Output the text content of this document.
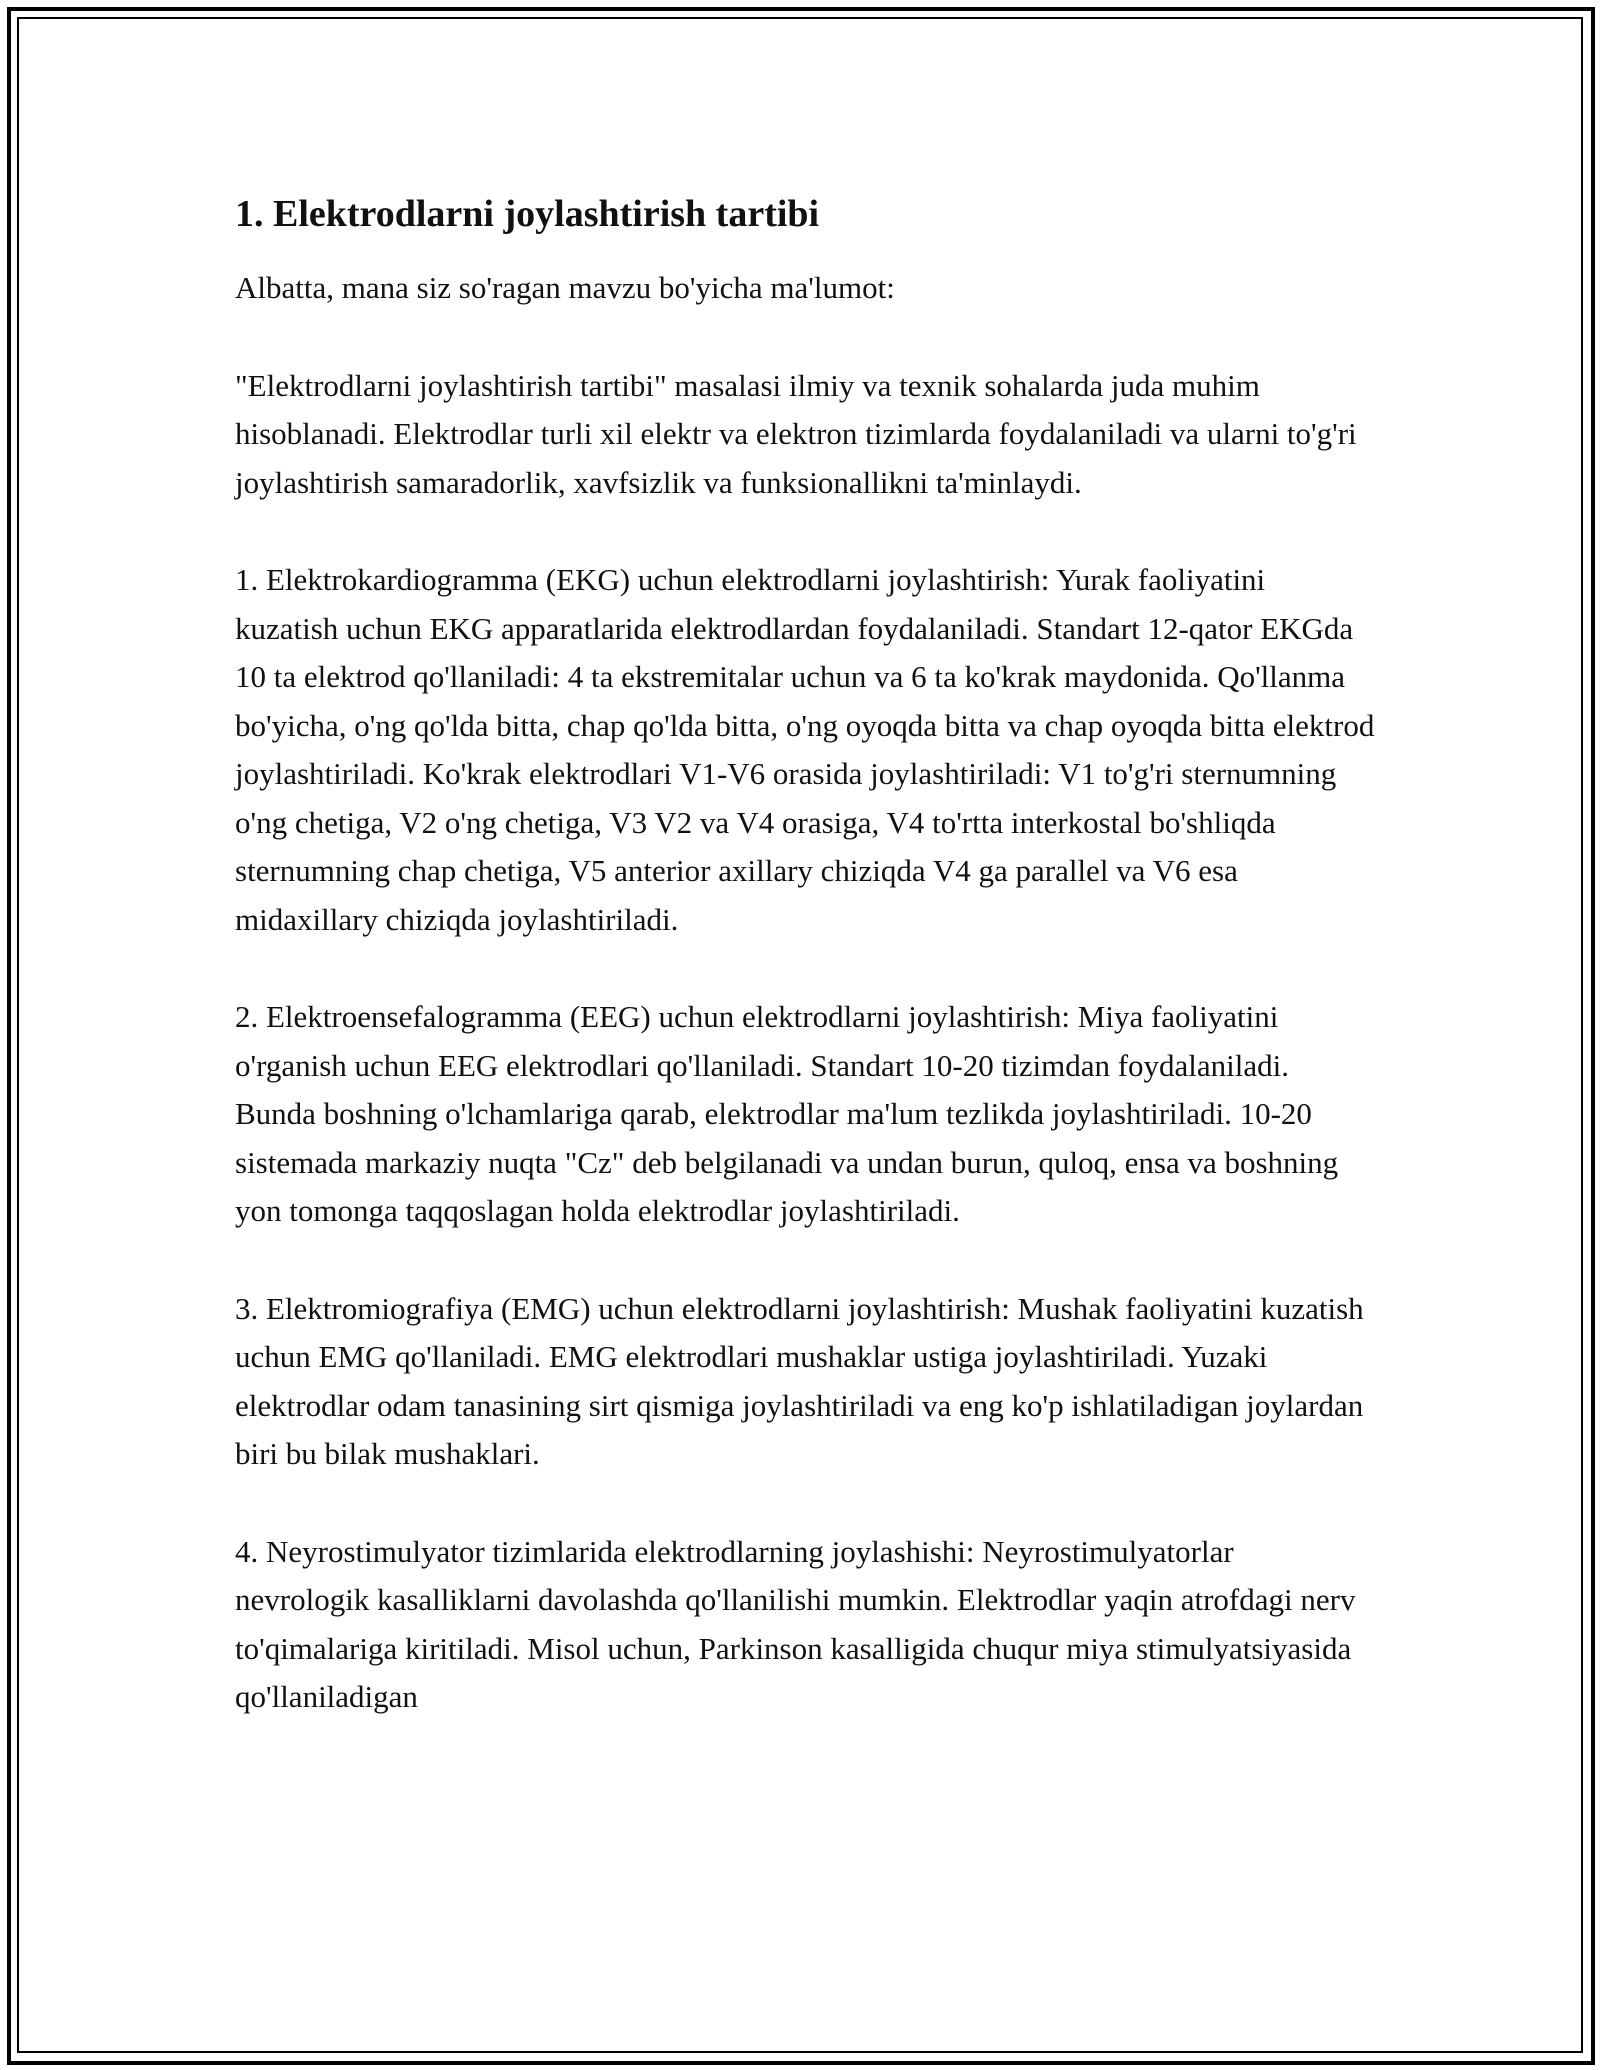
1. Elektrodlarni joylashtirish tartibi

Albatta, mana siz so'ragan mavzu bo'yicha ma'lumot:

"Elektrodlarni joylashtirish tartibi" masalasi ilmiy va texnik sohalarda juda muhim hisoblanadi. Elektrodlar turli xil elektr va elektron tizimlarda foydalaniladi va ularni to'g'ri joylashtirish samaradorlik, xavfsizlik va funksionallikni ta'minlaydi.

1. Elektrokardiogramma (EKG) uchun elektrodlarni joylashtirish: Yurak faoliyatini kuzatish uchun EKG apparatlarida elektrodlardan foydalaniladi. Standart 12-qator EKGda 10 ta elektrod qo'llaniladi: 4 ta ekstremitalar uchun va 6 ta ko'krak maydonida. Qo'llanma bo'yicha, o'ng qo'lda bitta, chap qo'lda bitta, o'ng oyoqda bitta va chap oyoqda bitta elektrod joylashtiriladi. Ko'krak elektrodlari V1-V6 orasida joylashtiriladi: V1 to'g'ri sternumning o'ng chetiga, V2 o'ng chetiga, V3 V2 va V4 orasiga, V4 to'rtta interkostal bo'shliqda sternumning chap chetiga, V5 anterior axillary chiziqda V4 ga parallel va V6 esa midaxillary chiziqda joylashtiriladi.

2. Elektroensefalogramma (EEG) uchun elektrodlarni joylashtirish: Miya faoliyatini o'rganish uchun EEG elektrodlari qo'llaniladi. Standart 10-20 tizimdan foydalaniladi. Bunda boshning o'lchamlariga qarab, elektrodlar ma'lum tezlikda joylashtiriladi. 10-20 sistemada markaziy nuqta "Cz" deb belgilanadi va undan burun, quloq, ensa va boshning yon tomonga taqqoslagan holda elektrodlar joylashtiriladi.

3. Elektromiografiya (EMG) uchun elektrodlarni joylashtirish: Mushak faoliyatini kuzatish uchun EMG qo'llaniladi. EMG elektrodlari mushaklar ustiga joylashtiriladi. Yuzaki elektrodlar odam tanasining sirt qismiga joylashtiriladi va eng ko'p ishlatiladigan joylardan biri bu bilak mushaklari.

4. Neyrostimulyator tizimlarida elektrodlarning joylashishi: Neyrostimulyatorlar nevrologik kasalliklarni davolashda qo'llanilishi mumkin. Elektrodlar yaqin atrofdagi nerv to'qimalariga kiritiladi. Misol uchun, Parkinson kasalligida chuqur miya stimulyatsiyasida qo'llaniladigan
